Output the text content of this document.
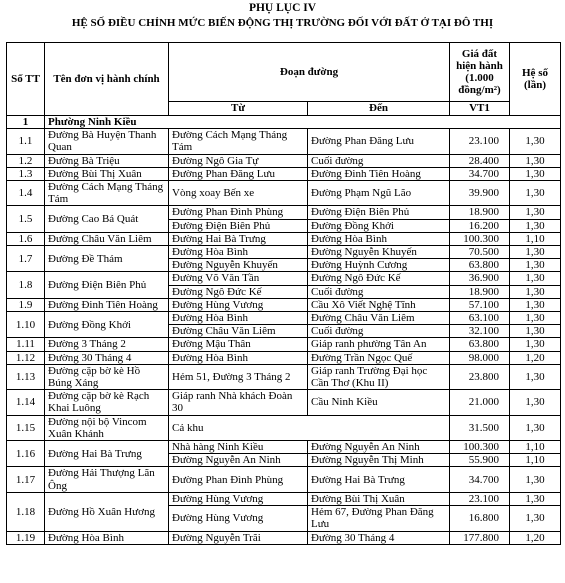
PHỤ LỤC IV
HỆ SỐ ĐIỀU CHỈNH MỨC BIẾN ĐỘNG THỊ TRƯỜNG ĐỐI VỚI ĐẤT Ở TẠI ĐÔ THỊ
Số TT	Tên đơn vị hành chính	Đoạn đường		Giá đất hiện hành (1.000 đồng/m²)	Hệ số (lần)
		Từ	Đến	VT1	
1	Phường Ninh Kiều				
1.1	Đường Bà Huyện Thanh Quan	Đường Cách Mạng Tháng Tám	Đường Phan Đăng Lưu	23.100	1,30
1.2	Đường Bà Triệu	Đường Ngô Gia Tự	Cuối đường	28.400	1,30
1.3	Đường Bùi Thị Xuân	Đường Phan Đăng Lưu	Đường Đinh Tiên Hoàng	34.700	1,30
1.4	Đường Cách Mạng Tháng Tám	Vòng xoay Bến xe	Đường Phạm Ngũ Lão	39.900	1,30
1.5	Đường Cao Bá Quát	Đường Phan Đình Phùng	Đường Điện Biên Phủ	18.900	1,30
		Đường Điện Biên Phủ	Đường Đồng Khởi	16.200	1,30
1.6	Đường Châu Văn Liêm	Đường Hai Bà Trưng	Đường Hòa Bình	100.300	1,10
1.7	Đường Đề Thám	Đường Hòa Bình	Đường Nguyễn Khuyến	70.500	1,30
		Đường Nguyễn Khuyến	Đường Huỳnh Cương	63.800	1,30
1.8	Đường Điện Biên Phủ	Đường Võ Văn Tần	Đường Ngô Đức Kế	36.900	1,30
		Đường Ngô Đức Kế	Cuối đường	18.900	1,30
1.9	Đường Đinh Tiên Hoàng	Đường Hùng Vương	Cầu Xô Viết Nghệ Tĩnh	57.100	1,30
1.10	Đường Đồng Khởi	Đường Hòa Bình	Đường Châu Văn Liêm	63.100	1,30
		Đường Châu Văn Liêm	Cuối đường	32.100	1,30
1.11	Đường 3 Tháng 2	Đường Mậu Thân	Giáp ranh phường Tân An	63.800	1,30
1.12	Đường 30 Tháng 4	Đường Hòa Bình	Đường Trần Ngọc Quế	98.000	1,20
1.13	Đường cặp bờ kè Hồ Búng Xáng	Hẻm 51, Đường 3 Tháng 2	Giáp ranh Trường Đại học Cần Thơ (Khu II)	23.800	1,30
1.14	Đường cặp bờ kè Rạch Khai Luông	Giáp ranh Nhà khách Đoàn 30	Cầu Ninh Kiều	21.000	1,30
1.15	Đường nội bộ Vincom Xuân Khánh	Cả khu		31.500	1,30
1.16	Đường Hai Bà Trưng	Nhà hàng Ninh Kiều	Đường Nguyễn An Ninh	100.300	1,10
		Đường Nguyễn An Ninh	Đường Nguyễn Thị Minh	55.900	1,10
1.17	Đường Hải Thượng Lãn Ông	Đường Phan Đình Phùng	Đường Hai Bà Trưng	34.700	1,30
1.18	Đường Hồ Xuân Hương	Đường Hùng Vương	Đường Bùi Thị Xuân	23.100	1,30
		Đường Hùng Vương	Hẻm 67, Đường Phan Đăng Lưu	16.800	1,30
1.19	Đường Hòa Bình	Đường Nguyễn Trãi	Đường 30 Tháng 4	177.800	1,20
